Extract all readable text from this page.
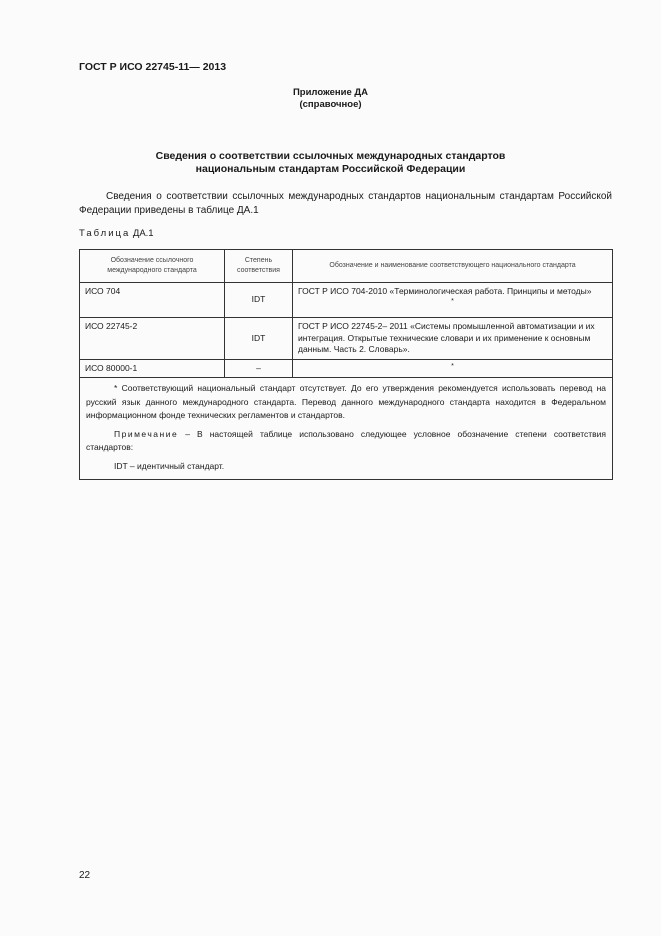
ГОСТ Р ИСО 22745-11— 2013
Приложение ДА
(справочное)
Сведения о соответствии ссылочных международных стандартов
национальным стандартам Российской Федерации
Сведения о соответствии ссылочных международных стандартов национальным стандартам Российской Федерации приведены в таблице ДА.1
Таблица ДА.1
Обозначение ссылочного международного стандарта	Степень соответствия	Обозначение и наименование соответствующего национального стандарта
ИСО 704	IDT	ГОСТ Р ИСО 704-2010 «Терминологическая работа. Принципы и методы»
*

ИСО 22745-2	IDT	ГОСТ Р ИСО 22745-2– 2011 «Системы промышленной автоматизации и их интеграция. Открытые технические словари и их применение к основным данным. Часть 2. Словарь».

ИСО 80000-1	–	*

* Соответствующий национальный стандарт отсутствует. До его утверждения рекомендуется использовать перевод на русский язык данного международного стандарта. Перевод данного международного стандарта находится в Федеральном информационном фонде технических регламентов и стандартов.

Примечание – В настоящей таблице использовано следующее условное обозначение степени соответствия стандартов:

IDT – идентичный стандарт.		

22
